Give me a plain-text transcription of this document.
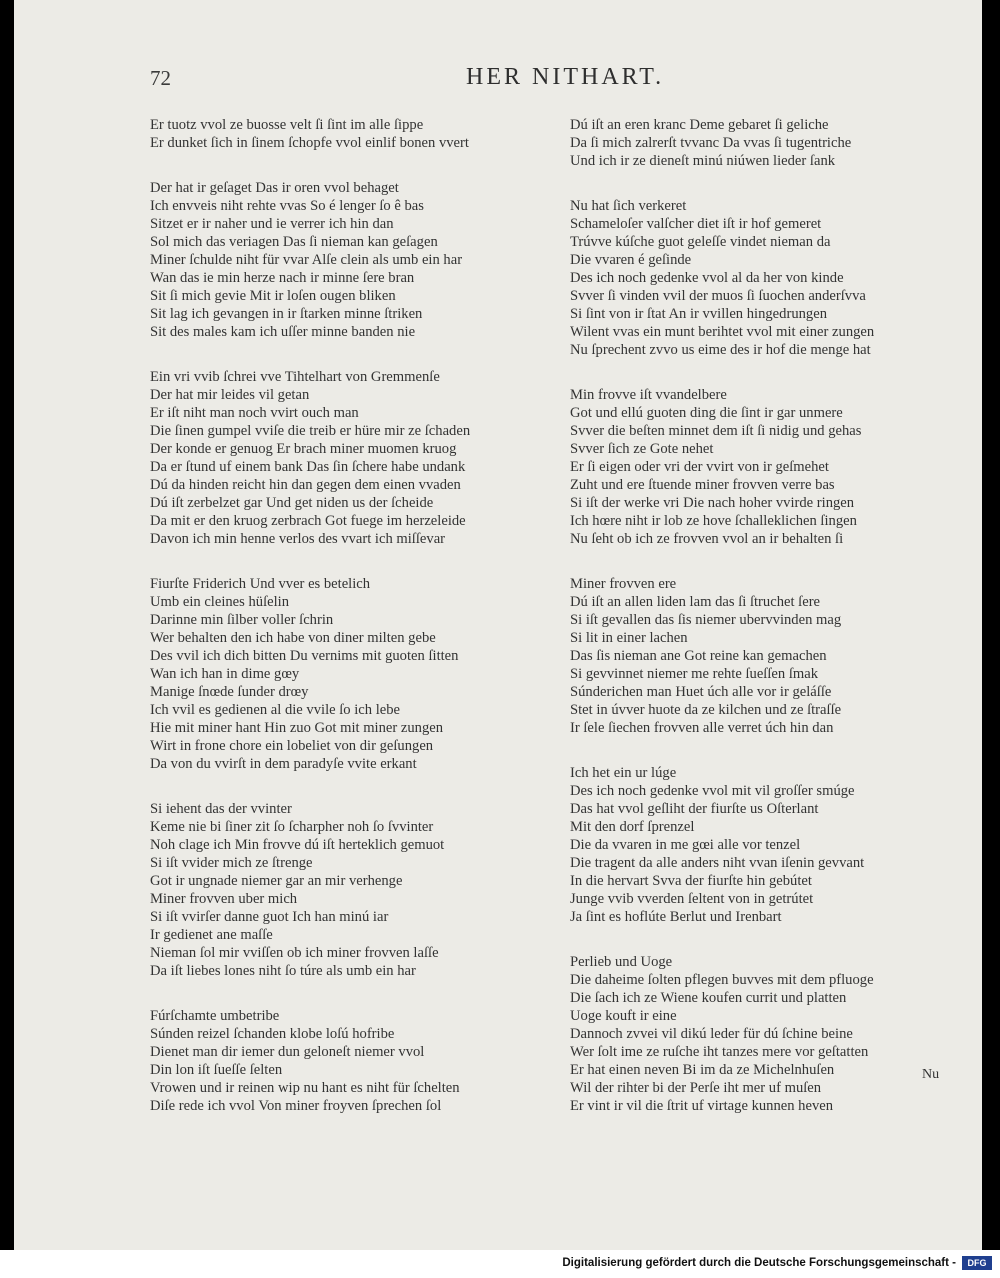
72	HER NITHART.
Er tuotz vvol ze buosse velt ſi ſint im alle ſippe
Er dunket ſich in ſinem ſchopfe vvol einlif bonen vvert
Der hat ir geſaget Das ir oren vvol behaget
Ich envveis niht rehte vvas So é lenger ſo ê bas
Sitzet er ir naher und ie verrer ich hin dan
Sol mich das veriagen Das ſi nieman kan geſagen
Miner ſchulde niht für vvar Alſe clein als umb ein har
Wan das ie min herze nach ir minne ſere bran
Sit ſi mich gevie Mit ir loſen ougen bliken
Sit lag ich gevangen in ir ſtarken minne ſtriken
Sit des males kam ich uſſer minne banden nie
Ein vri vvib ſchrei vve Tihtelhart von Gremmenſe
Der hat mir leides vil getan
Er iſt niht man noch vvirt ouch man
Die ſinen gumpel vviſe die treib er hüre mir ze ſchaden
Der konde er genuog Er brach miner muomen kruog
Da er ſtund uf einem bank Das ſin ſchere habe undank
Dú da hinden reicht hin dan gegen dem einen vvaden
Dú iſt zerbelzet gar Und get niden us der ſcheide
Da mit er den kruog zerbrach Got fuege im herzeleide
Davon ich min henne verlos des vvart ich miſſevar
Fiurſte Friderich Und vver es betelich
Umb ein cleines hüſelin
Darinne min ſilber voller ſchrin
Wer behalten den ich habe von diner milten gebe
Des vvil ich dich bitten Du vernims mit guoten ſitten
Wan ich han in dime gœy
Manige ſnœde ſunder drœy
Ich vvil es gedienen al die vvile ſo ich lebe
Hie mit miner hant Hin zuo Got mit miner zungen
Wirt in frone chore ein lobeliet von dir geſungen
Da von du vvirſt in dem paradyſe vvite erkant
Si iehent das der vvinter
Keme nie bi ſiner zit ſo ſcharpher noh ſo ſvvinter
Noh clage ich Min frovve dú iſt herteklich gemuot
Si iſt vvider mich ze ſtrenge
Got ir ungnade niemer gar an mir verhenge
Miner frovven uber mich
Si iſt vvirſer danne guot Ich han minú iar
Ir gedienet ane maſſe
Nieman ſol mir vviſſen ob ich miner frovven laſſe
Da iſt liebes lones niht ſo túre als umb ein har
Fúrſchamte umbetribe
Súnden reizel ſchanden klobe loſú hofribe
Dienet man dir iemer dun geloneſt niemer vvol
Din lon iſt ſueſſe ſelten
Vrowen und ir reinen wip nu hant es niht für ſchelten
Diſe rede ich vvol Von miner froyven ſprechen ſol
Dú iſt an eren kranc Deme gebaret ſi geliche
Da ſi mich zalrerſt tvvanc Da vvas ſi tugentriche
Und ich ir ze dieneſt minú niúwen lieder ſank
Nu hat ſich verkeret
Schameloſer valſcher diet iſt ir hof gemeret
Trúvve kúſche guot geleſſe vindet nieman da
Die vvaren é geſinde
Des ich noch gedenke vvol al da her von kinde
Svver ſi vinden vvil der muos ſi ſuochen anderſvva
Si ſint von ir ſtat An ir vvillen hingedrungen
Wilent vvas ein munt berihtet vvol mit einer zungen
Nu ſprechent zvvo us eime des ir hof die menge hat
Min frovve iſt vvandelbere
Got und ellú guoten ding die ſint ir gar unmere
Svver die beſten minnet dem iſt ſi nidig und gehas
Svver ſich ze Gote nehet
Er ſi eigen oder vri der vvirt von ir geſmehet
Zuht und ere ſtuende miner frovven verre bas
Si iſt der werke vri Die nach hoher vvirde ringen
Ich hœre niht ir lob ze hove ſchalleklichen ſingen
Nu ſeht ob ich ze frovven vvol an ir behalten ſi
Miner frovven ere
Dú iſt an allen liden lam das ſi ſtruchet ſere
Si iſt gevallen das ſis niemer ubervvinden mag
Si lit in einer lachen
Das ſis nieman ane Got reine kan gemachen
Si gevvinnet niemer me rehte ſueſſen ſmak
Súnderichen man Huet úch alle vor ir geláſſe
Stet in úvver huote da ze kilchen und ze ſtraſſe
Ir ſele ſiechen frovven alle verret úch hin dan
Ich het ein ur lúge
Des ich noch gedenke vvol mit vil groſſer smúge
Das hat vvol geſliht der fiurſte us Oſterlant
Mit den dorf ſprenzel
Die da vvaren in me gœi alle vor tenzel
Die tragent da alle anders niht vvan iſenin gevvant
In die hervart Svva der fiurſte hin gebútet
Junge vvib vverden ſeltent von in getrútet
Ja ſint es hoflúte Berlut und Irenbart
Perlieb und Uoge
Die daheime ſolten pflegen buvves mit dem pfluoge
Die ſach ich ze Wiene koufen currit und platten
Uoge kouft ir eine
Dannoch zvvei vil dikú leder für dú ſchine beine
Wer ſolt ime ze ruſche iht tanzes mere vor geſtatten
Er hat einen neven Bi im da ze Michelnhuſen
Wil der rihter bi der Perſe iht mer uf muſen
Er vint ir vil die ſtrit uf virtage kunnen heven
Nu
Digitalisierung gefördert durch die Deutsche Forschungsgemeinschaft -	DFG
